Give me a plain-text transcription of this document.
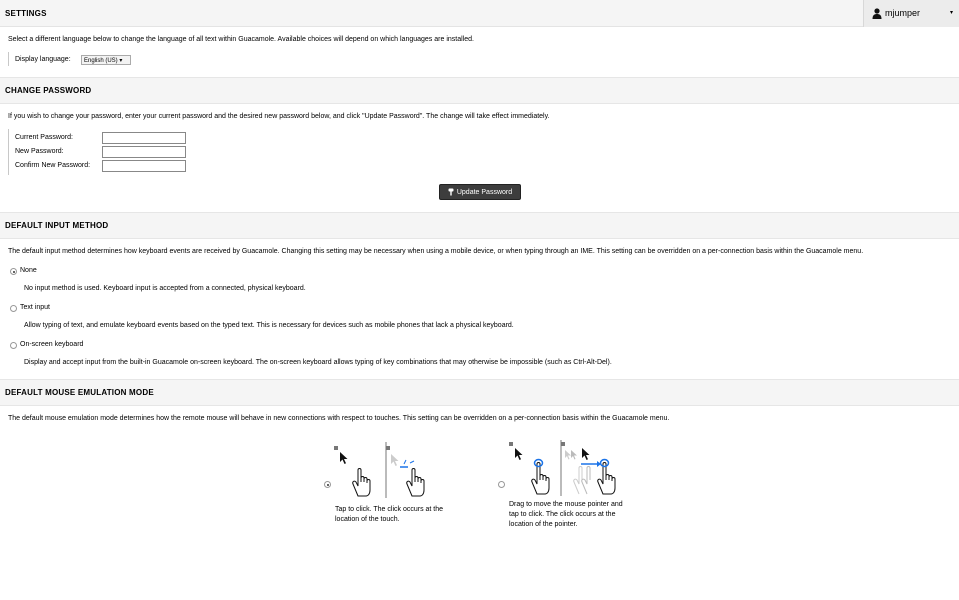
SETTINGS	mjumper	▾
Select a different language below to change the language of all text within Guacamole. Available choices will depend on which languages are installed.
Display language:	English (US) ▾
CHANGE PASSWORD
If you wish to change your password, enter your current password and the desired new password below, and click "Update Password". The change will take effect immediately.
Current Password:
New Password:
Confirm New Password:
Update Password
DEFAULT INPUT METHOD
The default input method determines how keyboard events are received by Guacamole. Changing this setting may be necessary when using a mobile device, or when typing through an IME. This setting can be overridden on a per-connection basis within the Guacamole menu.
None
No input method is used. Keyboard input is accepted from a connected, physical keyboard.
Text input
Allow typing of text, and emulate keyboard events based on the typed text. This is necessary for devices such as mobile phones that lack a physical keyboard.
On-screen keyboard
Display and accept input from the built-in Guacamole on-screen keyboard. The on-screen keyboard allows typing of key combinations that may otherwise be impossible (such as Ctrl-Alt-Del).
DEFAULT MOUSE EMULATION MODE
The default mouse emulation mode determines how the remote mouse will behave in new connections with respect to touches. This setting can be overridden on a per-connection basis within the Guacamole menu.
Tap to click. The click occurs at the location of the touch.
Drag to move the mouse pointer and tap to click. The click occurs at the location of the pointer.
